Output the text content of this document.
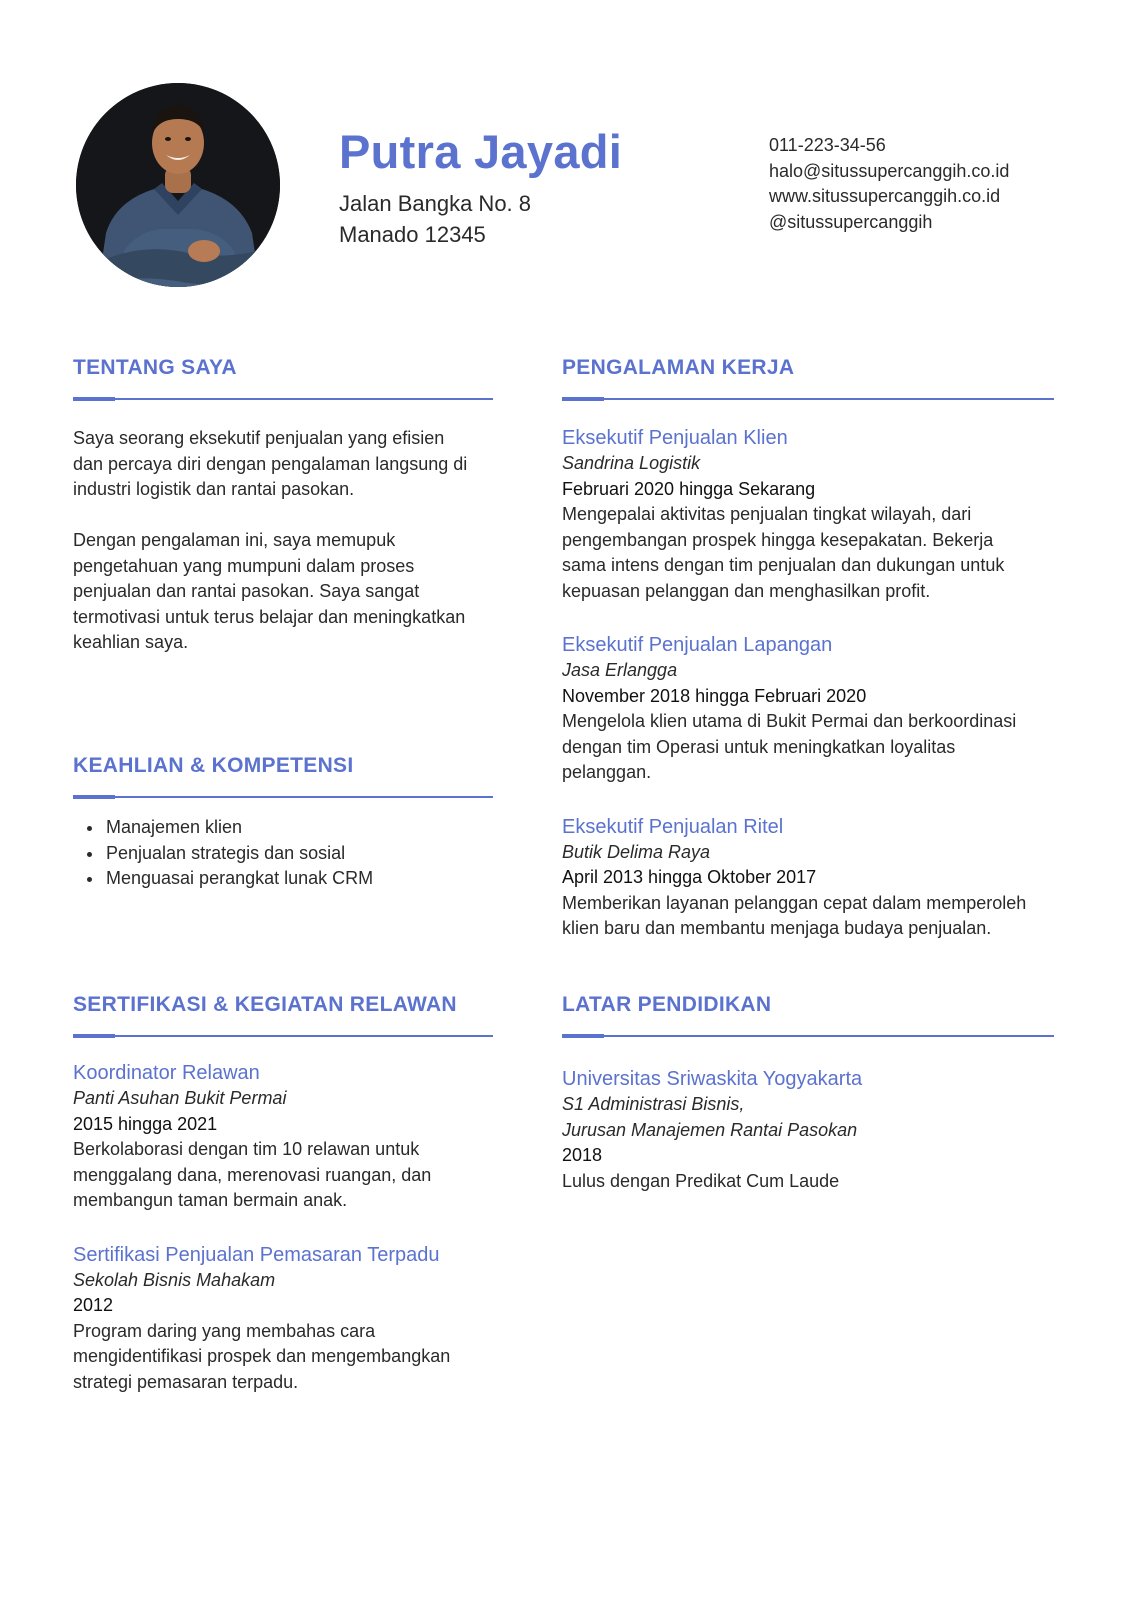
Putra Jayadi
Jalan Bangka No. 8
Manado 12345
011-223-34-56
halo@situssupercanggih.co.id
www.situssupercanggih.co.id
@situssupercanggih
TENTANG SAYA

Saya seorang eksekutif penjualan yang efisien
dan percaya diri dengan pengalaman langsung di
industri logistik dan rantai pasokan.

Dengan pengalaman ini, saya memupuk
pengetahuan yang mumpuni dalam proses
penjualan dan rantai pasokan. Saya sangat
termotivasi untuk terus belajar dan meningkatkan
keahlian saya.

KEAHLIAN & KOMPETENSI
Manajemen klien
Penjualan strategis dan sosial
Menguasai perangkat lunak CRM
SERTIFIKASI & KEGIATAN RELAWAN
Koordinator Relawan
Panti Asuhan Bukit Permai
2015 hingga 2021
Berkolaborasi dengan tim 10 relawan untuk
menggalang dana, merenovasi ruangan, dan
membangun taman bermain anak.
Sertifikasi Penjualan Pemasaran Terpadu
Sekolah Bisnis Mahakam
2012
Program daring yang membahas cara
mengidentifikasi prospek dan mengembangkan
strategi pemasaran terpadu.
PENGALAMAN KERJA
Eksekutif Penjualan Klien
Sandrina Logistik
Februari 2020 hingga Sekarang
Mengepalai aktivitas penjualan tingkat wilayah, dari
pengembangan prospek hingga kesepakatan. Bekerja
sama intens dengan tim penjualan dan dukungan untuk
kepuasan pelanggan dan menghasilkan profit.
Eksekutif Penjualan Lapangan
Jasa Erlangga
November 2018 hingga Februari 2020
Mengelola klien utama di Bukit Permai dan berkoordinasi
dengan tim Operasi untuk meningkatkan loyalitas
pelanggan.
Eksekutif Penjualan Ritel
Butik Delima Raya
April 2013 hingga Oktober 2017
Memberikan layanan pelanggan cepat dalam memperoleh
klien baru dan membantu menjaga budaya penjualan.
LATAR PENDIDIKAN
Universitas Sriwaskita Yogyakarta
S1 Administrasi Bisnis,
Jurusan Manajemen Rantai Pasokan
2018
Lulus dengan Predikat Cum Laude
